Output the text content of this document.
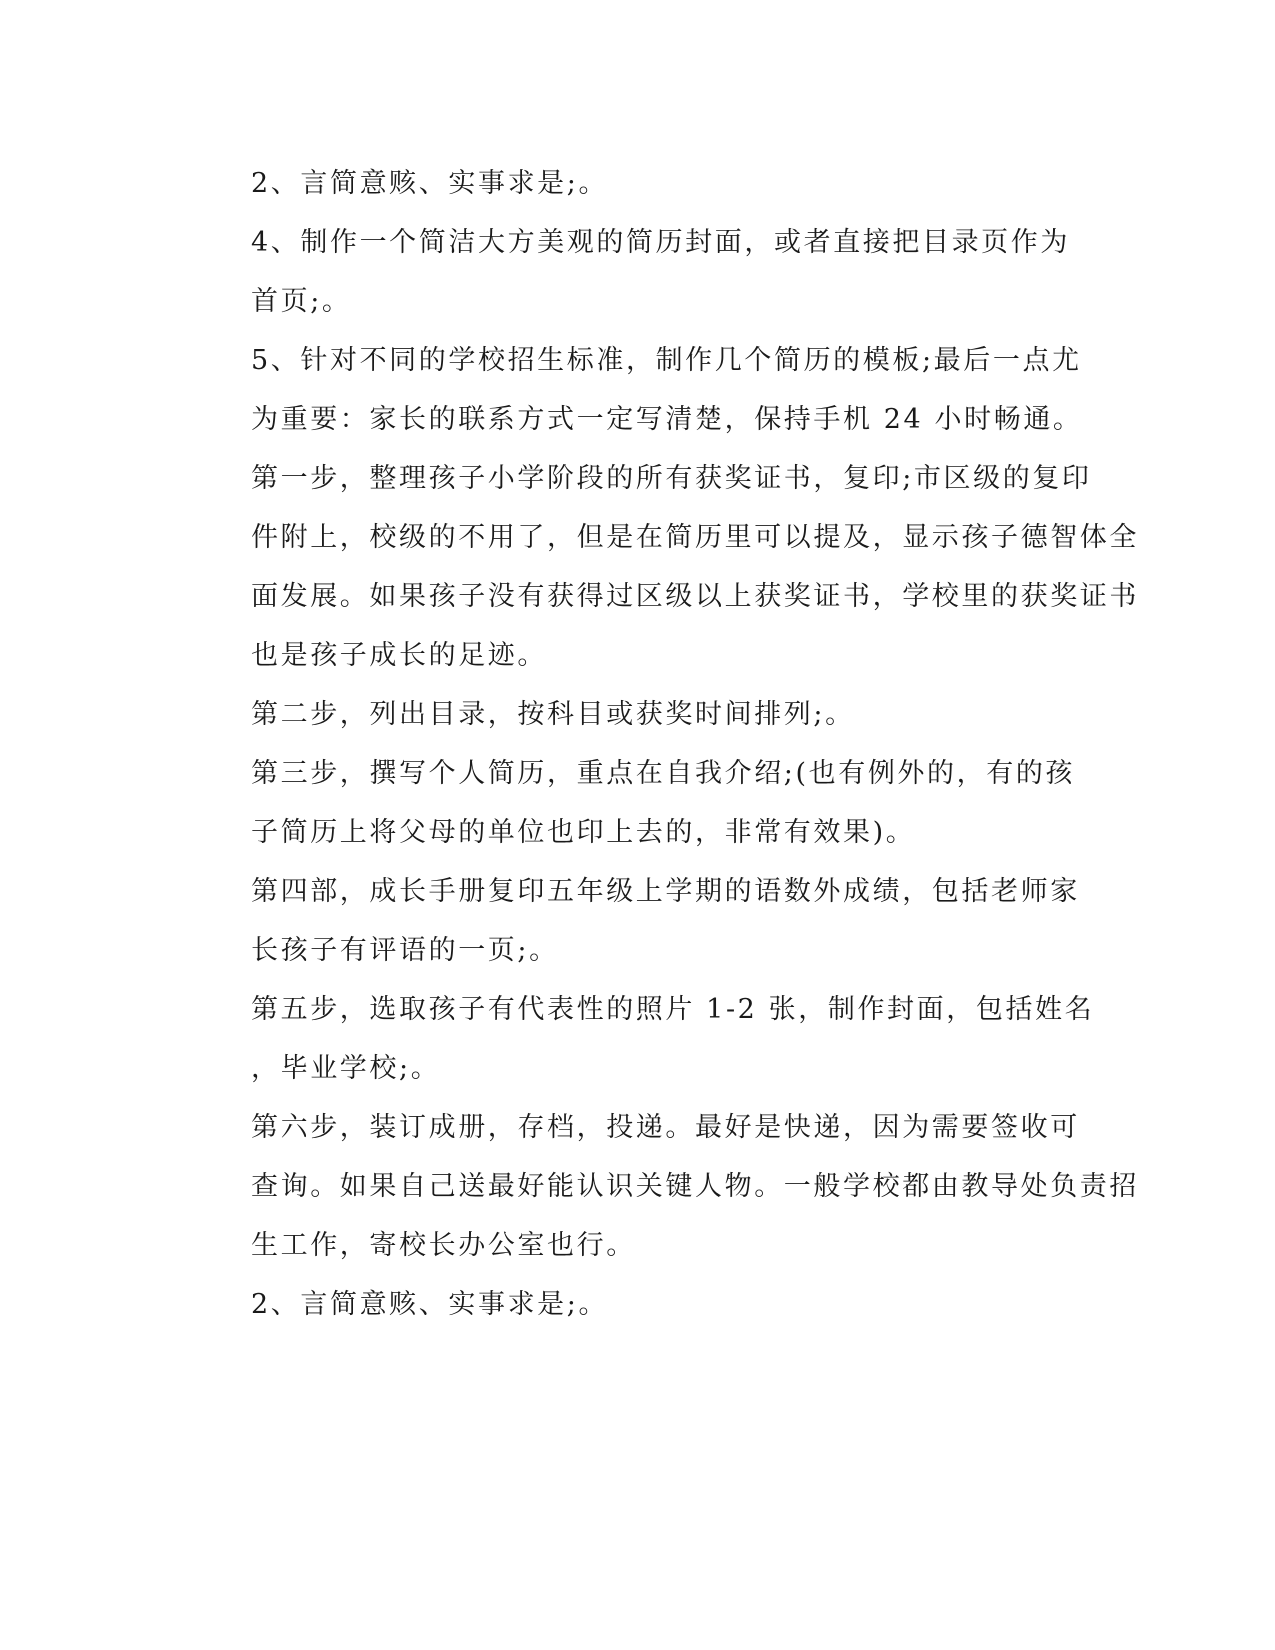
2、言简意赅、实事求是;。

4、制作一个简洁大方美观的简历封面，或者直接把目录页作为
首页;。

5、针对不同的学校招生标准，制作几个简历的模板;最后一点尤
为重要：家长的联系方式一定写清楚，保持手机 24 小时畅通。

第一步，整理孩子小学阶段的所有获奖证书，复印;市区级的复印
件附上，校级的不用了，但是在简历里可以提及，显示孩子德智体全
面发展。如果孩子没有获得过区级以上获奖证书，学校里的获奖证书
也是孩子成长的足迹。

第二步，列出目录，按科目或获奖时间排列;。

第三步，撰写个人简历，重点在自我介绍;(也有例外的，有的孩
子简历上将父母的单位也印上去的，非常有效果)。

第四部，成长手册复印五年级上学期的语数外成绩，包括老师家
长孩子有评语的一页;。

第五步，选取孩子有代表性的照片 1-2 张，制作封面，包括姓名
，毕业学校;。

第六步，装订成册，存档，投递。最好是快递，因为需要签收可
查询。如果自己送最好能认识关键人物。一般学校都由教导处负责招
生工作，寄校长办公室也行。

2、言简意赅、实事求是;。
